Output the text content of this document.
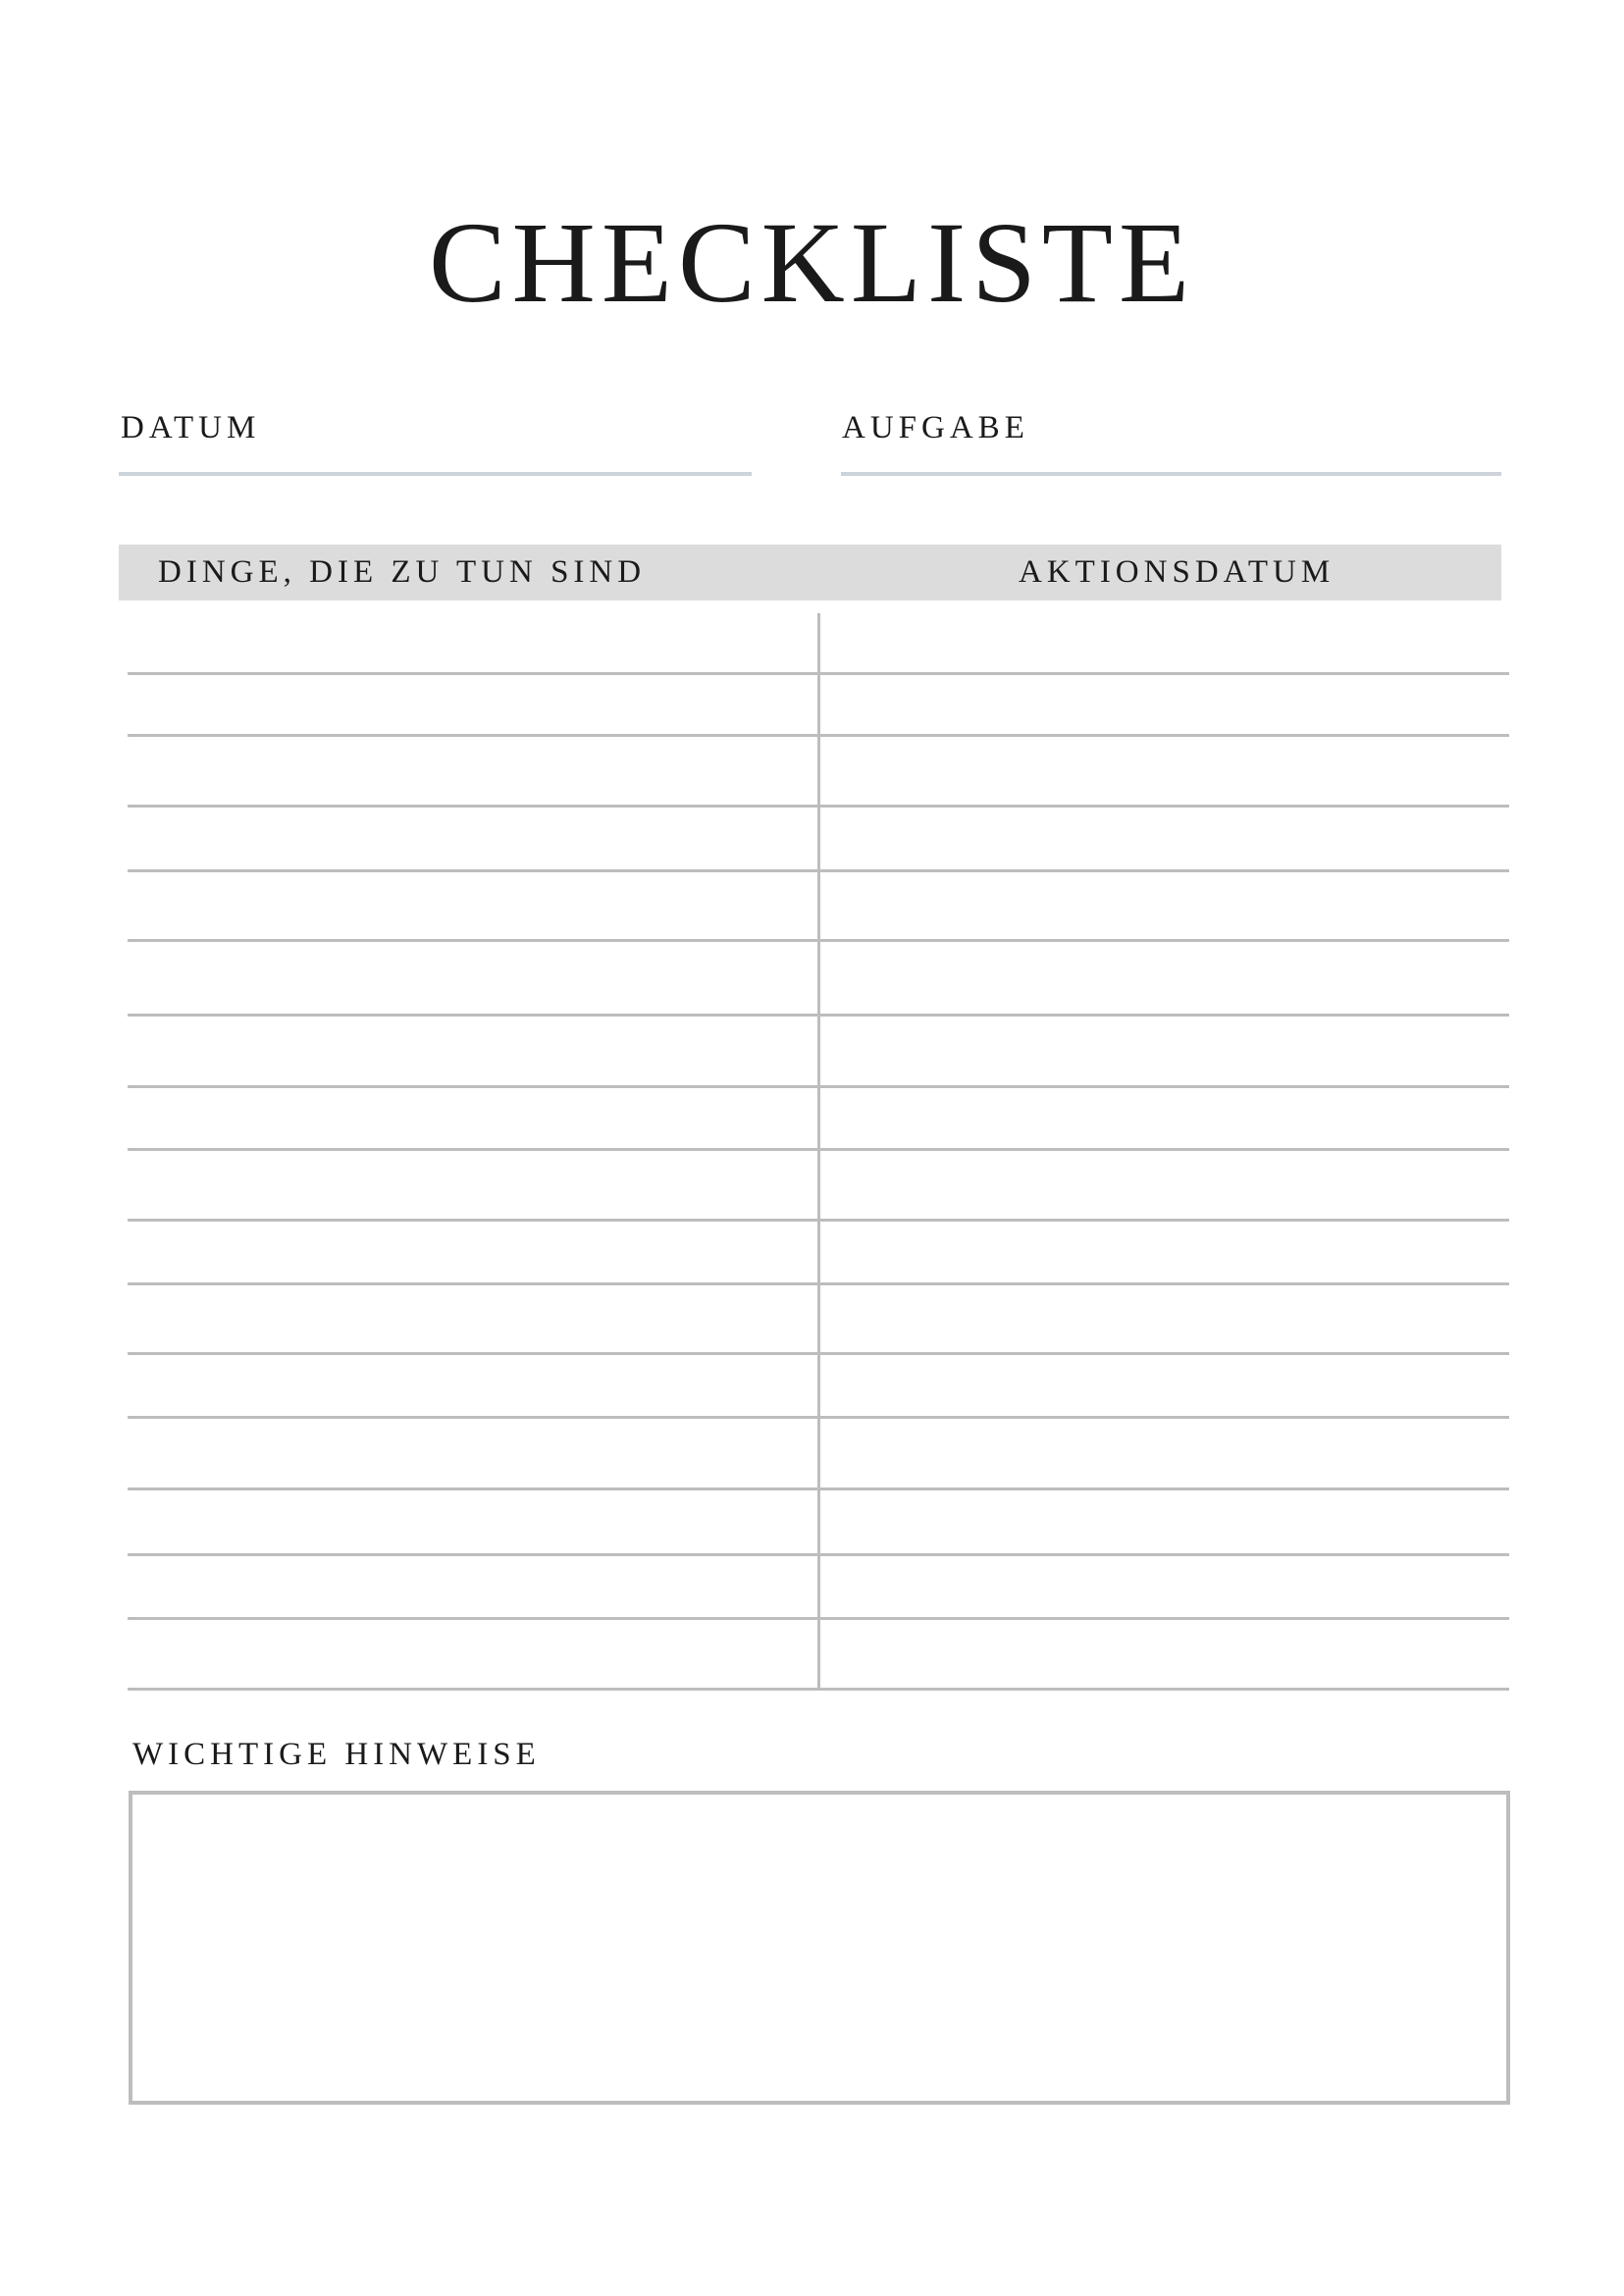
CHECKLISTE
DATUM	AUFGABE
DINGE, DIE ZU TUN SIND	AKTIONSDATUM
WICHTIGE HINWEISE
